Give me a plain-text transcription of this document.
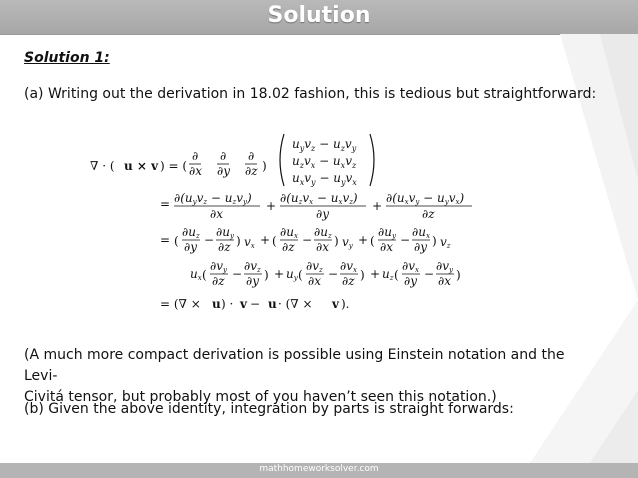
Solution
Solution 1:
(a) Writing out the derivation in 18.02 fashion, this is tedious but straightforward:
∇ · ( u × v ) = (
∂
∂x
∂
∂y
∂
∂z )
$u_yv_z - u_zv_y$
$u_zv_x - u_xv_z$
$u_xv_y - u_yv_x$
= ∂(uyvz − uzvy)
∂x
+
∂(uzvx − uxvz)
∂y
+
∂(uxvy − uyvx)
∂z
= (
∂uz
∂y −
∂uy
∂z ) vx + (
∂ux
∂z −
∂uz
∂x ) vy + (
∂uy
∂x −
∂ux
∂y ) vz
ux (
∂vy
∂z −
∂vz
∂y ) + uy (
∂vz
∂x −
∂vx
∂z ) + uz (
∂vx
∂y −
∂vy
∂x )
= (∇ × u ) · v − u · (∇ × v ).
(A much more compact derivation is possible using Einstein notation and the Levi-
Civitá tensor, but probably most of you haven’t seen this notation.)
(b) Given the above identity, integration by parts is straight forwards:
mathhomeworksolver.com
